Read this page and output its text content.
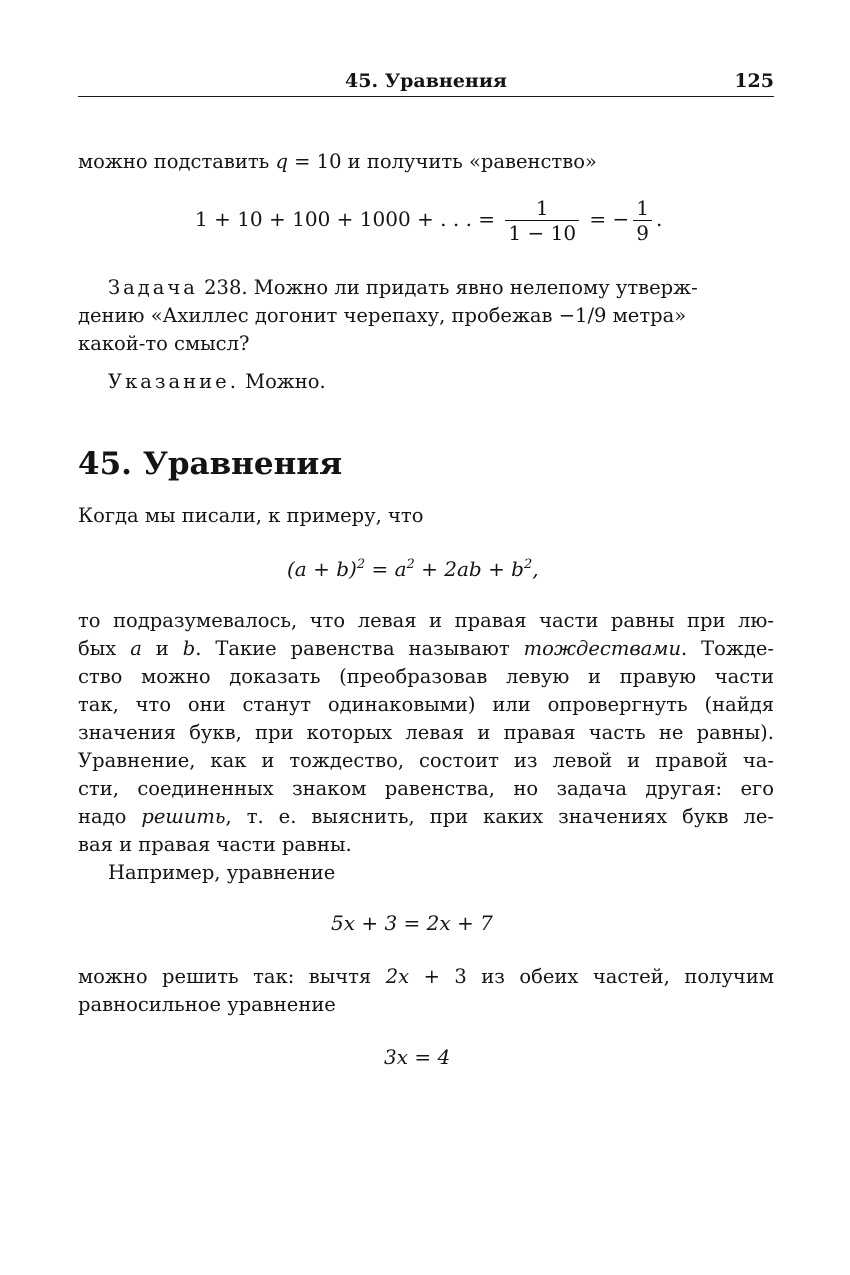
45. Уравнения	125
можно подставить q = 10 и получить «равенство»
1 + 10 + 100 + 1000 + . . . = $\frac{1}{1 - 10}$ = − $\frac{1}{9}$ .
Задача 238. Можно ли придать явно нелепому утверж-
дению «Ахиллес догонит черепаху, пробежав −1/9 метра»
какой-то смысл?
Указание. Можно.
45. Уравнения
Когда мы писали, к примеру, что
$(a + b)^2 = a^2 + 2ab + b^2$,
то подразумевалось, что левая и правая части равны при лю-
бых a и b. Такие равенства называют тождествами. Тожде-
ство можно доказать (преобразовав левую и правую части
так, что они станут одинаковыми) или опровергнуть (найдя
значения букв, при которых левая и правая часть не равны).
Уравнение, как и тождество, состоит из левой и правой ча-
сти, соединенных знаком равенства, но задача другая: его
надо решить, т. е. выяснить, при каких значениях букв ле-
вая и правая части равны.
Например, уравнение
5x + 3 = 2x + 7
можно решить так: вычтя 2x + 3 из обеих частей, получим
равносильное уравнение
3x = 4
